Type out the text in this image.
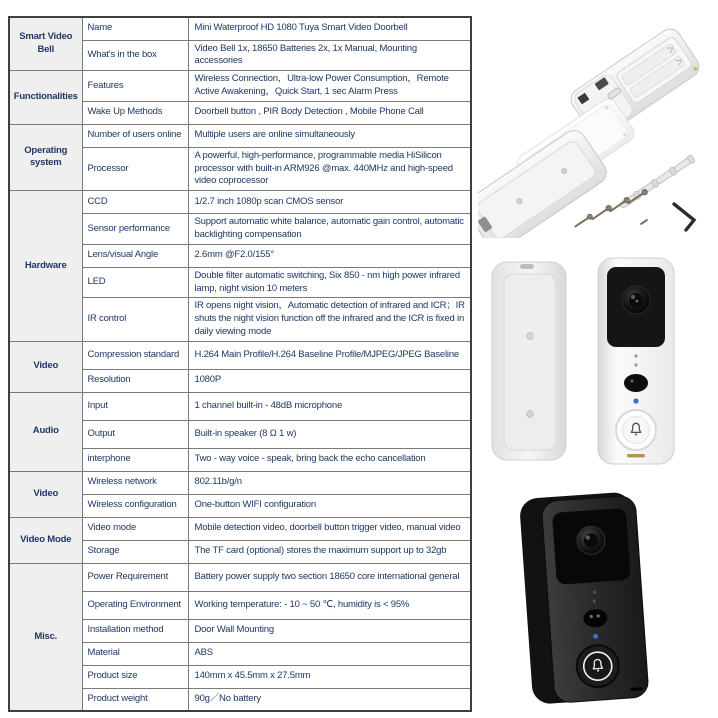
Smart Video Bell	Name	Mini Waterproof HD 1080 Tuya Smart Video Doorbell
	What's in the box	Video Bell 1x, 18650 Batteries 2x, 1x Manual, Mounting accessories
Functionalities	Features	Wireless Connection，Ultra-low Power Consumption，Remote Active Awakening，Quick Start, 1 sec Alarm Press
	Wake Up Methods	Doorbell button , PIR Body Detection , Mobile Phone Call
Operating system	Number of users online	Multiple users are online simultaneously
	Processor	A powerful, high-performance, programmable media HiSilicon processor with built-in ARM926 @max. 440MHz and high-speed video coprocessor
Hardware	CCD	1/2.7 inch 1080p scan CMOS sensor
	Sensor performance	Support automatic white balance, automatic gain control, automatic backlighting compensation
	Lens/visual Angle	2.6mm @F2.0/155°
	LED	Double filter automatic switching, Six 850 - nm high power infrared lamp, night vision 10 meters
	IR control	IR opens night vision，Automatic detection of infrared and ICR；IR shuts the night vision function off the infrared and the ICR is fixed in daily viewing mode
Video	Compression standard	H.264 Main Profile/H.264 Baseline Profile/MJPEG/JPEG Baseline
	Resolution	1080P
Audio	Input	1 channel built-in - 48dB microphone
	Output	Built-in speaker (8 Ω 1 w)
	interphone	Two - way voice - speak, bring back the echo cancellation
Video	Wireless network	802.11b/g/n
	Wireless configuration	One-button WIFI configuration
Video Mode	Video mode	Mobile detection video, doorbell button trigger video, manual video
	Storage	The TF card (optional) stores the maximum support up to 32gb
Misc.	Power Requirement	Battery power supply two section 18650 core international general
	Operating Environment	Working temperature: - 10 ~ 50 ℃, humidity is < 95%
	Installation method	Door Wall Mounting
	Material	ABS
	Product size	140mm x 45.5mm x 27.5mm
	Product weight	90g／No battery
